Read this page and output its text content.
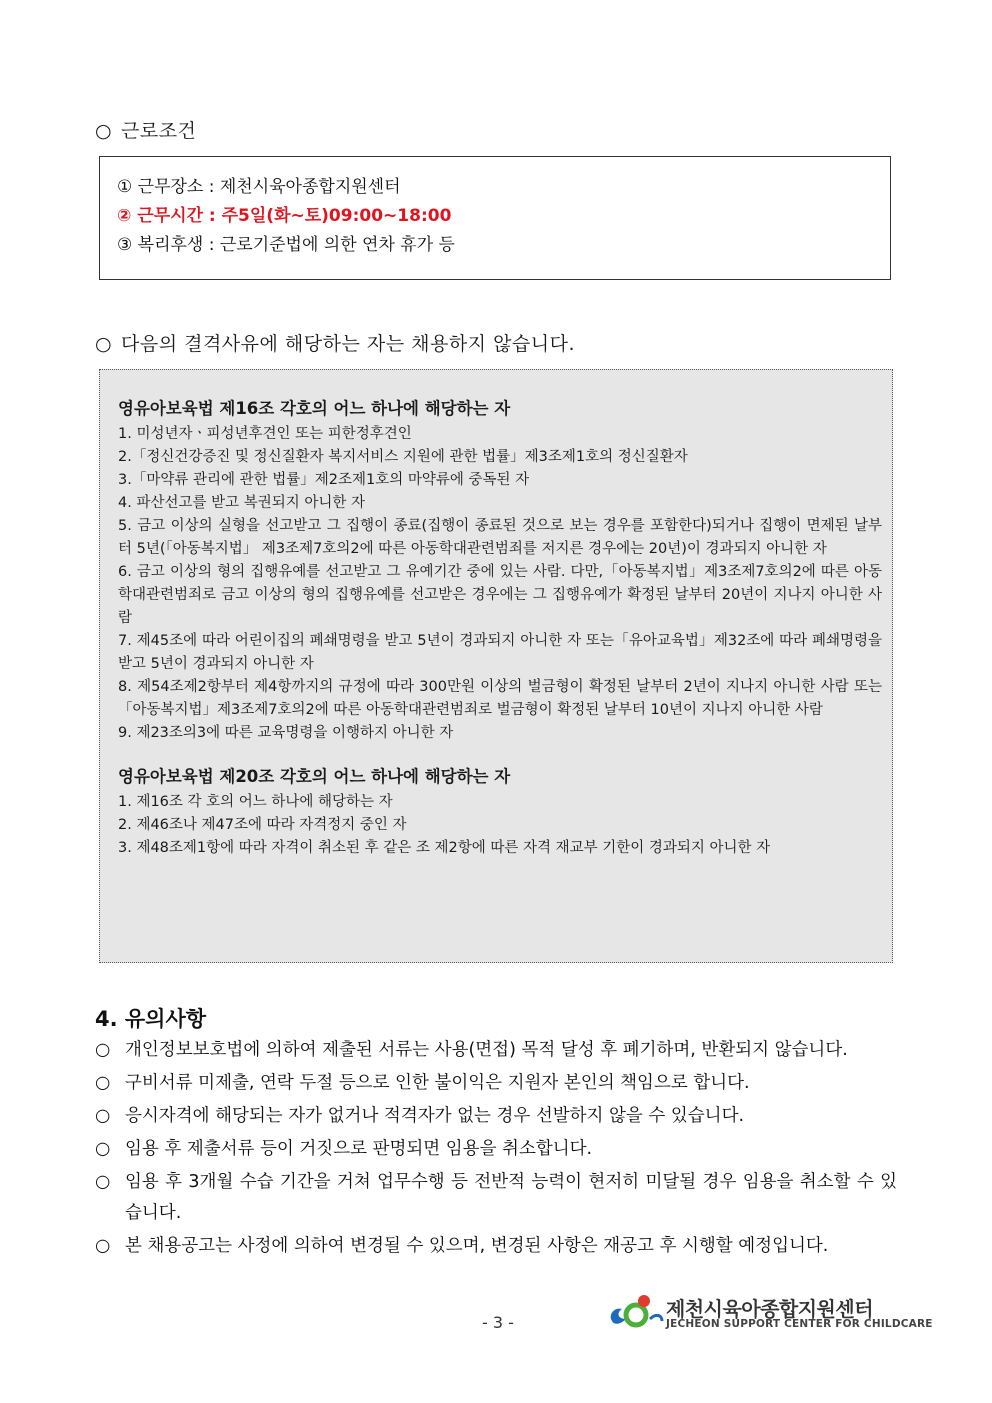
○ 근로조건
① 근무장소 : 제천시육아종합지원센터
② 근무시간 : 주5일(화~토)09:00~18:00
③ 복리후생 : 근로기준법에 의한 연차 휴가 등
○ 다음의 결격사유에 해당하는 자는 채용하지 않습니다.
영유아보육법 제16조 각호의 어느 하나에 해당하는 자
1. 미성년자ㆍ피성년후견인 또는 피한정후견인
2.「정신건강증진 및 정신질환자 복지서비스 지원에 관한 법률」제3조제1호의 정신질환자
3.「마약류 관리에 관한 법률」제2조제1호의 마약류에 중독된 자
4. 파산선고를 받고 복권되지 아니한 자
5. 금고 이상의 실형을 선고받고 그 집행이 종료(집행이 종료된 것으로 보는 경우를 포함한다)되거나 집행이 면제된 날부터 5년(「아동복지법」 제3조제7호의2에 따른 아동학대관련범죄를 저지른 경우에는 20년)이 경과되지 아니한 자
6. 금고 이상의 형의 집행유예를 선고받고 그 유예기간 중에 있는 사람. 다만,「아동복지법」제3조제7호의2에 따른 아동학대관련범죄로 금고 이상의 형의 집행유예를 선고받은 경우에는 그 집행유예가 확정된 날부터 20년이 지나지 아니한 사람
7. 제45조에 따라 어린이집의 폐쇄명령을 받고 5년이 경과되지 아니한 자 또는「유아교육법」제32조에 따라 폐쇄명령을 받고 5년이 경과되지 아니한 자
8. 제54조제2항부터 제4항까지의 규정에 따라 300만원 이상의 벌금형이 확정된 날부터 2년이 지나지 아니한 사람 또는「아동복지법」제3조제7호의2에 따른 아동학대관련범죄로 벌금형이 확정된 날부터 10년이 지나지 아니한 사람
9. 제23조의3에 따른 교육명령을 이행하지 아니한 자
영유아보육법 제20조 각호의 어느 하나에 해당하는 자
1. 제16조 각 호의 어느 하나에 해당하는 자
2. 제46조나 제47조에 따라 자격정지 중인 자
3. 제48조제1항에 따라 자격이 취소된 후 같은 조 제2항에 따른 자격 재교부 기한이 경과되지 아니한 자
4. 유의사항
○ 개인정보보호법에 의하여 제출된 서류는 사용(면접) 목적 달성 후 폐기하며, 반환되지 않습니다.
○ 구비서류 미제출, 연락 두절 등으로 인한 불이익은 지원자 본인의 책임으로 합니다.
○ 응시자격에 해당되는 자가 없거나 적격자가 없는 경우 선발하지 않을 수 있습니다.
○ 임용 후 제출서류 등이 거짓으로 판명되면 임용을 취소합니다.
○ 임용 후 3개월 수습 기간을 거쳐 업무수행 등 전반적 능력이 현저히 미달될 경우 임용을 취소할 수 있습니다.
○ 본 채용공고는 사정에 의하여 변경될 수 있으며, 변경된 사항은 재공고 후 시행할 예정입니다.
- 3 -
제천시육아종합지원센터
JECHEON SUPPORT CENTER FOR CHILDCARE
